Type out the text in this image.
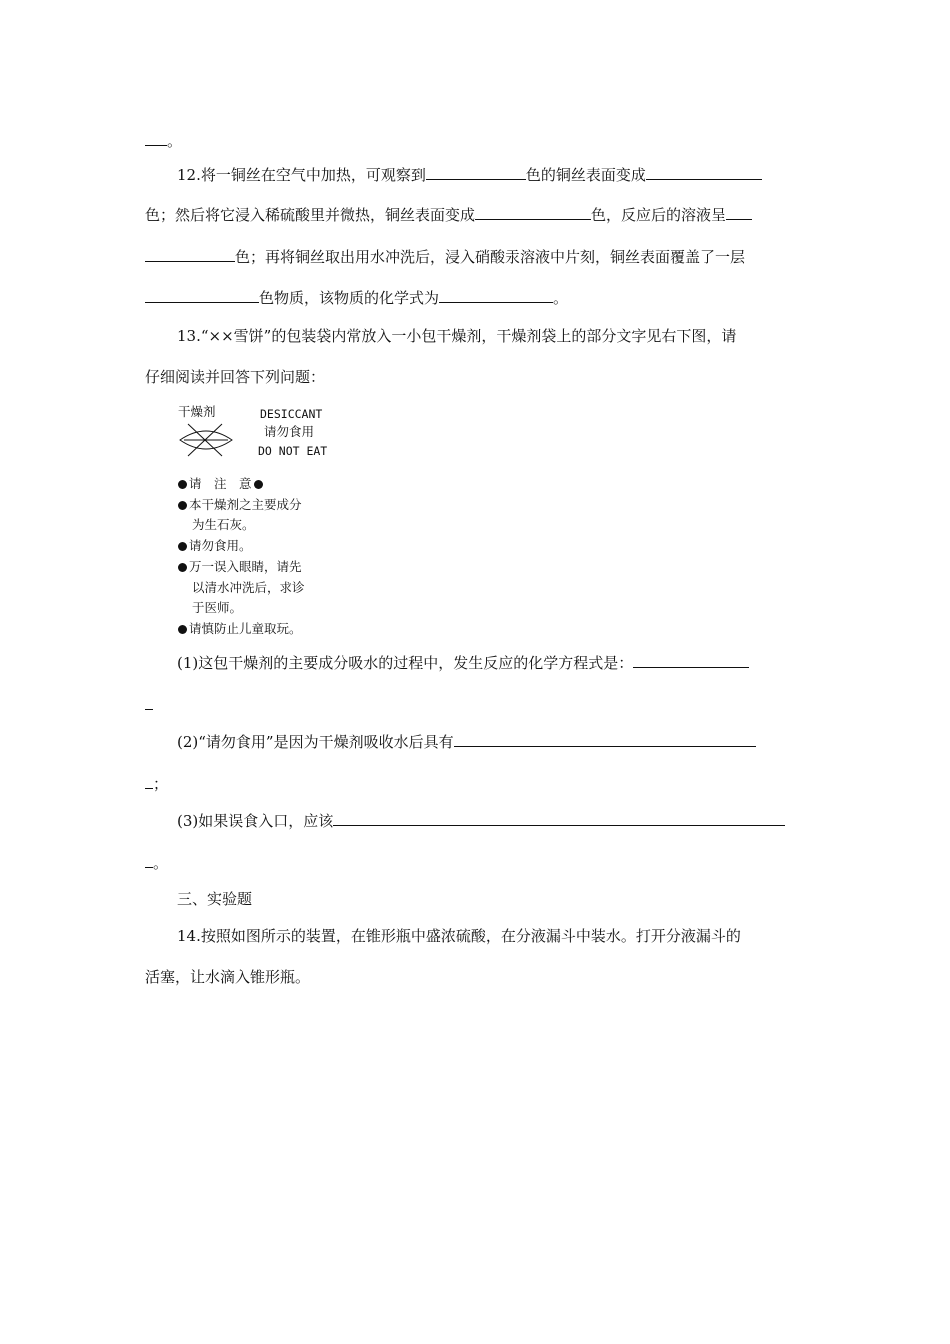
。
12.将一铜丝在空气中加热，可观察到	色的铜丝表面变成
色；然后将它浸入稀硫酸里并微热，铜丝表面变成	色，反应后的溶液呈
色；再将铜丝取出用水冲洗后，浸入硝酸汞溶液中片刻，铜丝表面覆盖了一层
色物质，该物质的化学式为	。
13.“××雪饼”的包装袋内常放入一小包干燥剂，干燥剂袋上的部分文字见右下图，请
仔细阅读并回答下列问题：
干燥剂	DESICCANT
请勿食用
DO NOT EAT
请　注　意
本干燥剂之主要成分
为生石灰。
请勿食用。
万一误入眼睛，请先
以清水冲洗后，求诊
于医师。
请慎防止儿童取玩。
(1)这包干燥剂的主要成分吸水的过程中，发生反应的化学方程式是：
(2)“请勿食用”是因为干燥剂吸收水后具有
；
(3)如果误食入口，应该
。
三、实验题
14.按照如图所示的装置，在锥形瓶中盛浓硫酸，在分液漏斗中装水。打开分液漏斗的
活塞，让水滴入锥形瓶。
